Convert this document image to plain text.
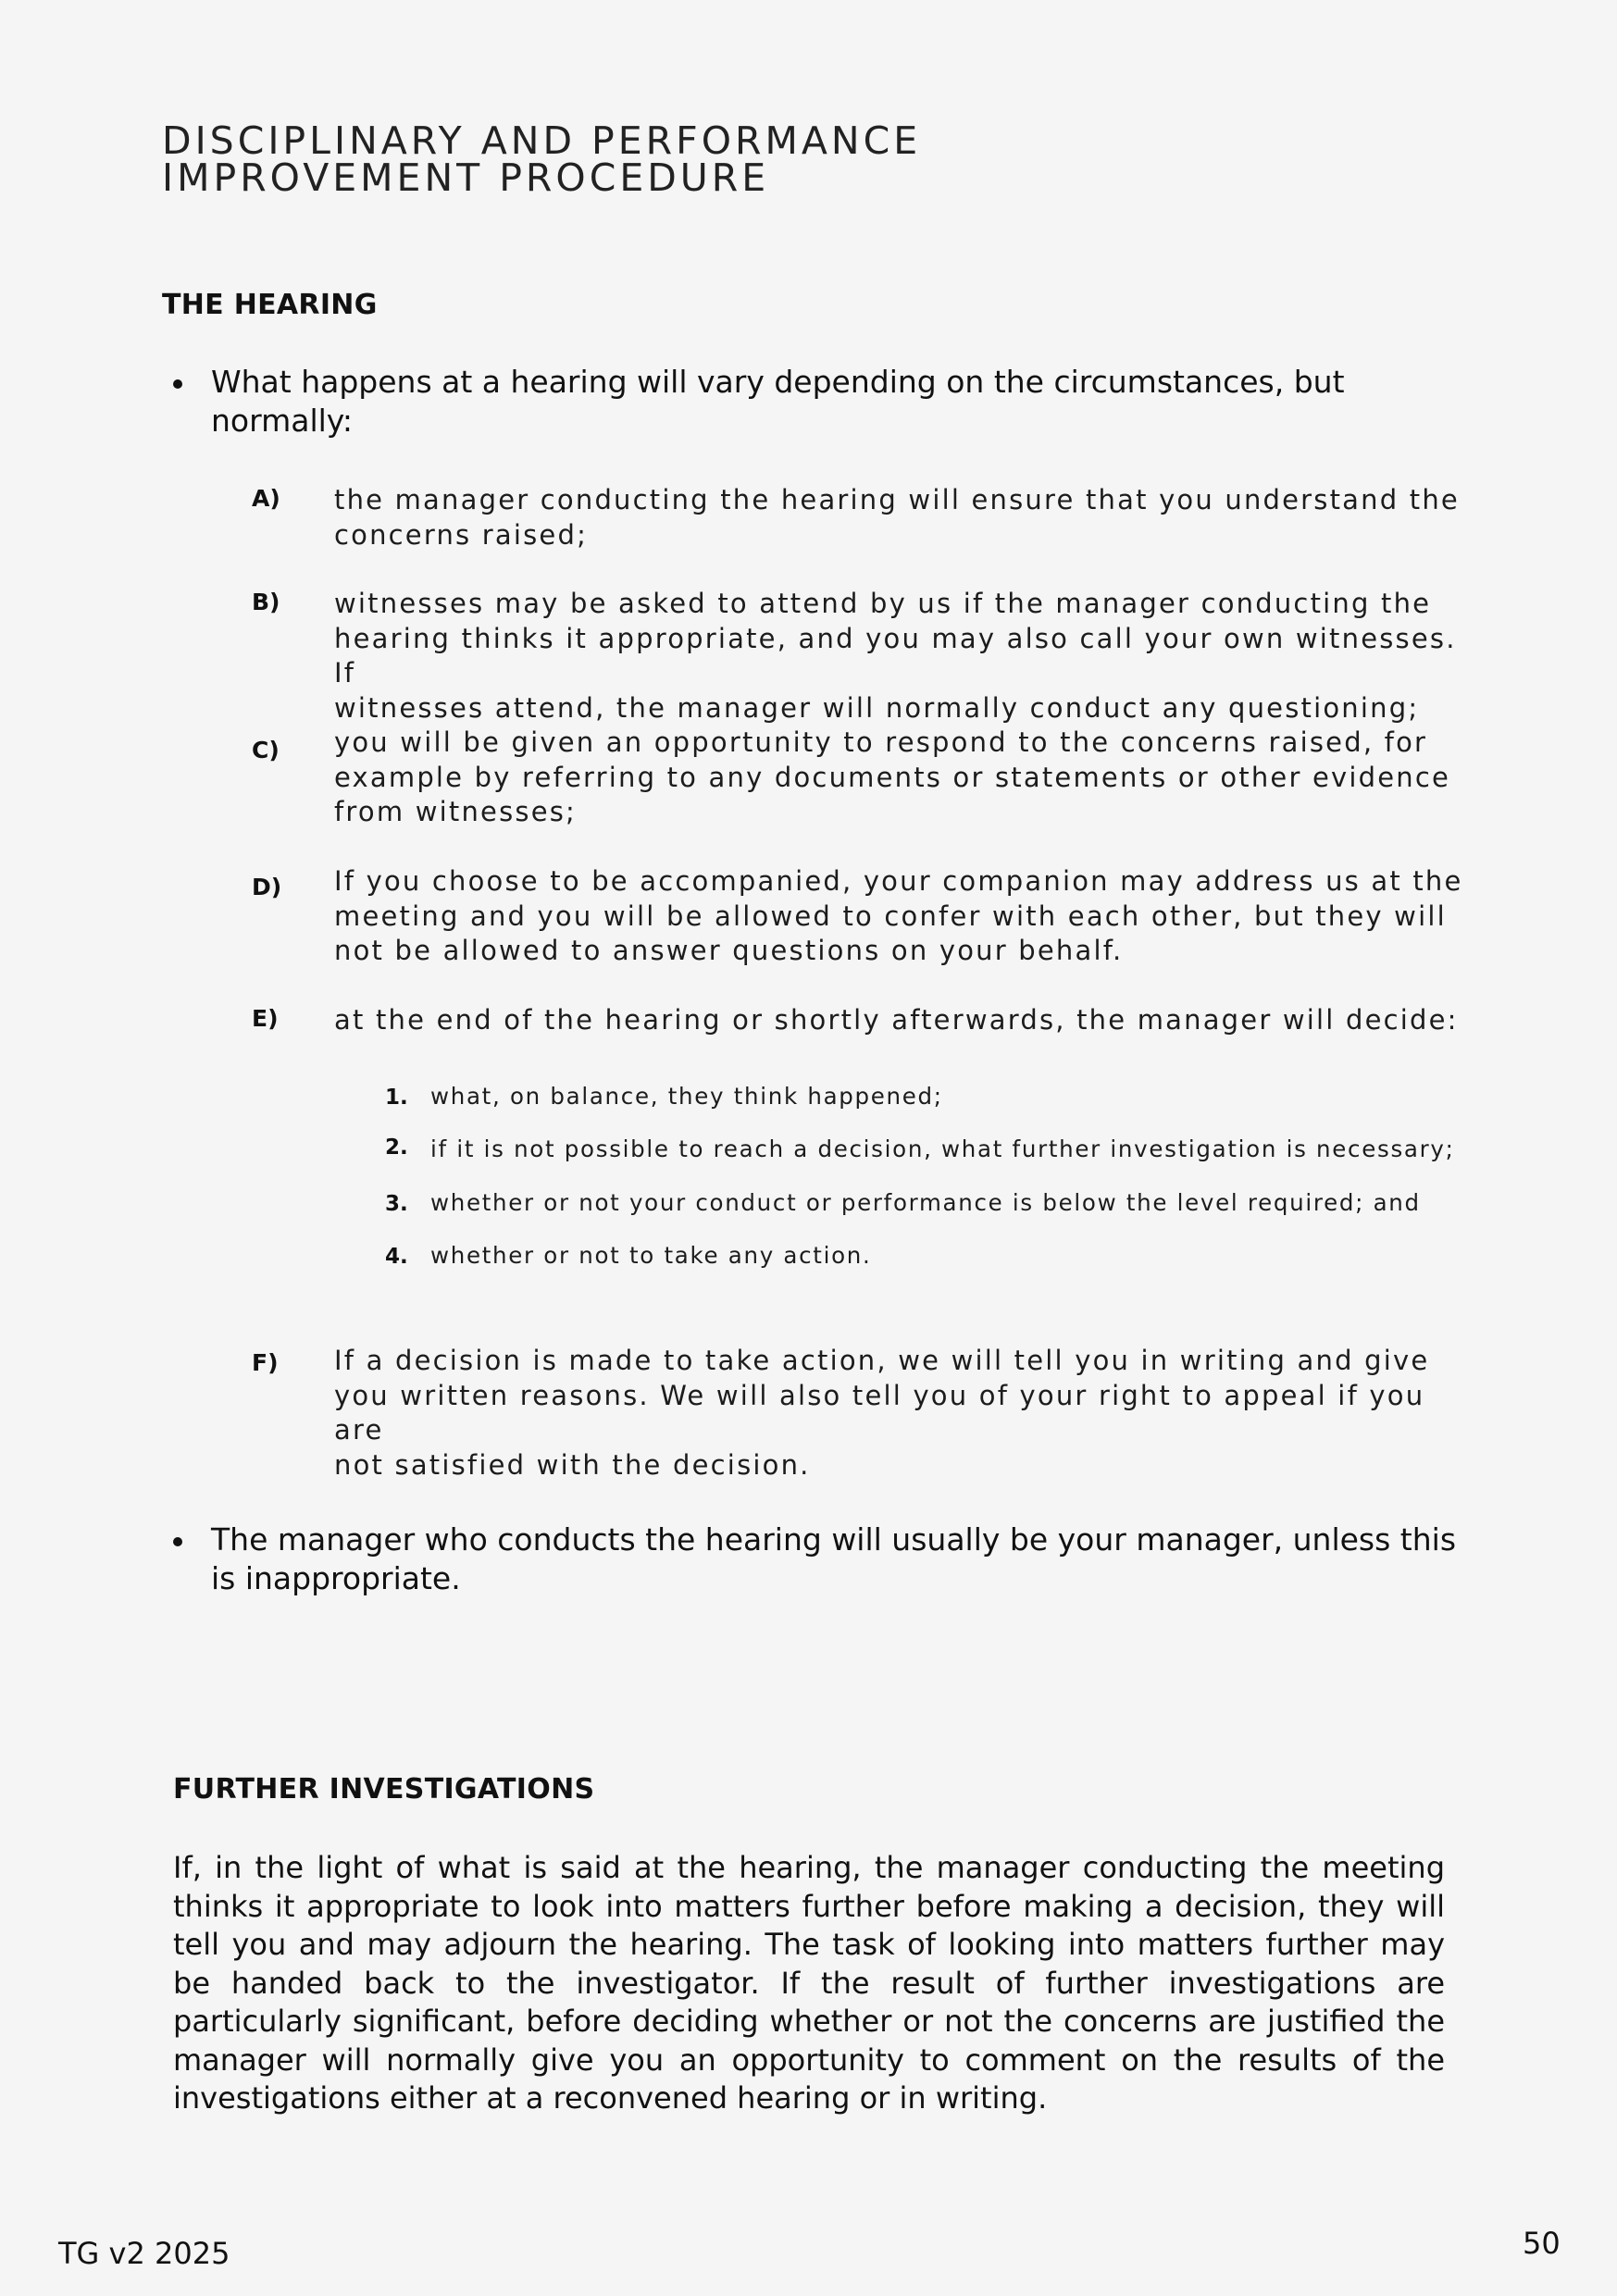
DISCIPLINARY AND PERFORMANCE
IMPROVEMENT PROCEDURE
THE HEARING
What happens at a hearing will vary depending on the circumstances, but normally:
A) the manager conducting the hearing will ensure that you understand the
concerns raised;
B) witnesses may be asked to attend by us if the manager conducting the
hearing thinks it appropriate, and you may also call your own witnesses. If
witnesses attend, the manager will normally conduct any questioning;
C) you will be given an opportunity to respond to the concerns raised, for
example by referring to any documents or statements or other evidence
from witnesses;
D) If you choose to be accompanied, your companion may address us at the
meeting and you will be allowed to confer with each other, but they will
not be allowed to answer questions on your behalf.
E) at the end of the hearing or shortly afterwards, the manager will decide:
1. what, on balance, they think happened;
2. if it is not possible to reach a decision, what further investigation is necessary;
3. whether or not your conduct or performance is below the level required; and
4. whether or not to take any action.
F) If a decision is made to take action, we will tell you in writing and give
you written reasons. We will also tell you of your right to appeal if you are
not satisfied with the decision.
The manager who conducts the hearing will usually be your manager, unless this is inappropriate.
FURTHER INVESTIGATIONS

If, in the light of what is said at the hearing, the manager conducting the meeting thinks it appropriate to look into matters further before making a decision, they will tell you and may adjourn the hearing. The task of looking into matters further may be handed back to the investigator. If the result of further investigations are particularly significant, before deciding whether or not the concerns are justified the manager will normally give you an opportunity to comment on the results of the investigations either at a reconvened hearing or in writing.

TG v2 2025	50
